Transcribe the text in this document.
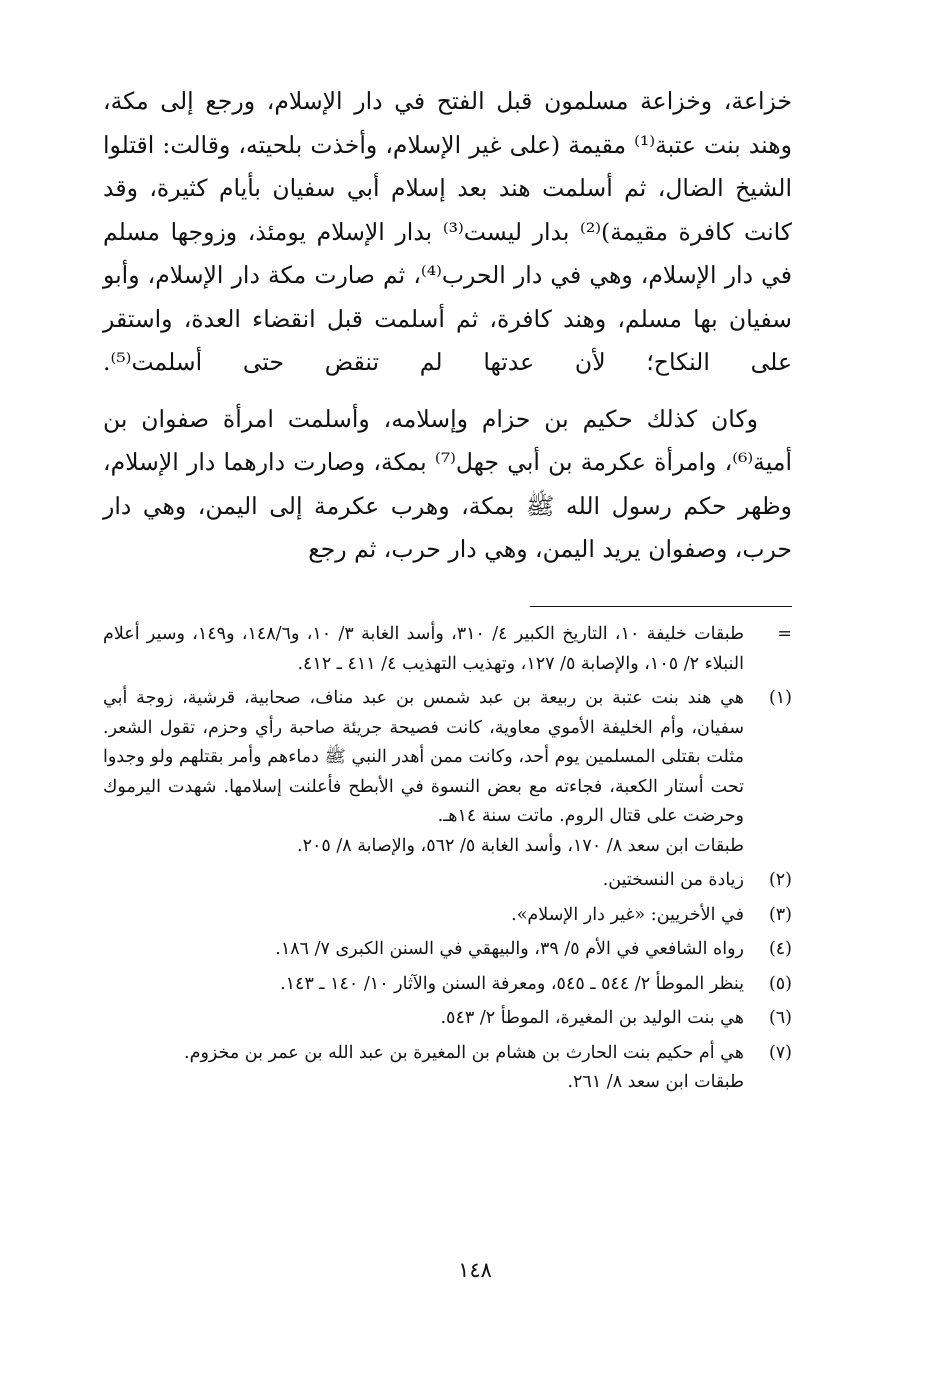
خزاعة، وخزاعة مسلمون قبل الفتح في دار الإسلام، ورجع إلى مكة، وهند بنت عتبة⁽¹⁾ مقيمة (على غير الإسلام، وأخذت بلحيته، وقالت: اقتلوا الشيخ الضال، ثم أسلمت هند بعد إسلام أبي سفيان بأيام كثيرة، وقد كانت كافرة مقيمة)⁽²⁾ بدار ليست⁽³⁾ بدار الإسلام يومئذ، وزوجها مسلم في دار الإسلام، وهي في دار الحرب⁽⁴⁾، ثم صارت مكة دار الإسلام، وأبو سفيان بها مسلم، وهند كافرة، ثم أسلمت قبل انقضاء العدة، واستقر على النكاح؛ لأن عدتها لم تنقض حتى أسلمت⁽⁵⁾.

وكان كذلك حكيم بن حزام وإسلامه، وأسلمت امرأة صفوان بن أمية⁽⁶⁾، وامرأة عكرمة بن أبي جهل⁽⁷⁾ بمكة، وصارت دارهما دار الإسلام، وظهر حكم رسول الله ﷺ بمكة، وهرب عكرمة إلى اليمن، وهي دار حرب، وصفوان يريد اليمن، وهي دار حرب، ثم رجع

=
طبقات خليفة ١٠، التاريخ الكبير ٤/ ٣١٠، وأسد الغابة ٣/ ١٠، و١٤٨/٦، و١٤٩، وسير أعلام النبلاء ٢/ ١٠٥، والإصابة ٥/ ١٢٧، وتهذيب التهذيب ٤/ ٤١١ ـ ٤١٢.
(١)
هي هند بنت عتبة بن ربيعة بن عبد شمس بن عبد مناف، صحابية، قرشية، زوجة أبي سفيان، وأم الخليفة الأموي معاوية، كانت فصيحة جريئة صاحبة رأي وحزم، تقول الشعر. مثلت بقتلى المسلمين يوم أحد، وكانت ممن أهدر النبي ﷺ دماءهم وأمر بقتلهم ولو وجدوا تحت أستار الكعبة، فجاءته مع بعض النسوة في الأبطح فأعلنت إسلامها. شهدت اليرموك وحرضت على قتال الروم. ماتت سنة ١٤هـ.
طبقات ابن سعد ٨/ ١٧٠، وأسد الغابة ٥/ ٥٦٢، والإصابة ٨/ ٢٠٥.
(٢)
زيادة من النسختين.
(٣)
في الأخريين: «غير دار الإسلام».
(٤)
رواه الشافعي في الأم ٥/ ٣٩، والبيهقي في السنن الكبرى ٧/ ١٨٦.
(٥)
ينظر الموطأ ٢/ ٥٤٤ ـ ٥٤٥، ومعرفة السنن والآثار ١٠/ ١٤٠ ـ ١٤٣.
(٦)
هي بنت الوليد بن المغيرة، الموطأ ٢/ ٥٤٣.
(٧)
هي أم حكيم بنت الحارث بن هشام بن المغيرة بن عبد الله بن عمر بن مخزوم.
طبقات ابن سعد ٨/ ٢٦١.
١٤٨
